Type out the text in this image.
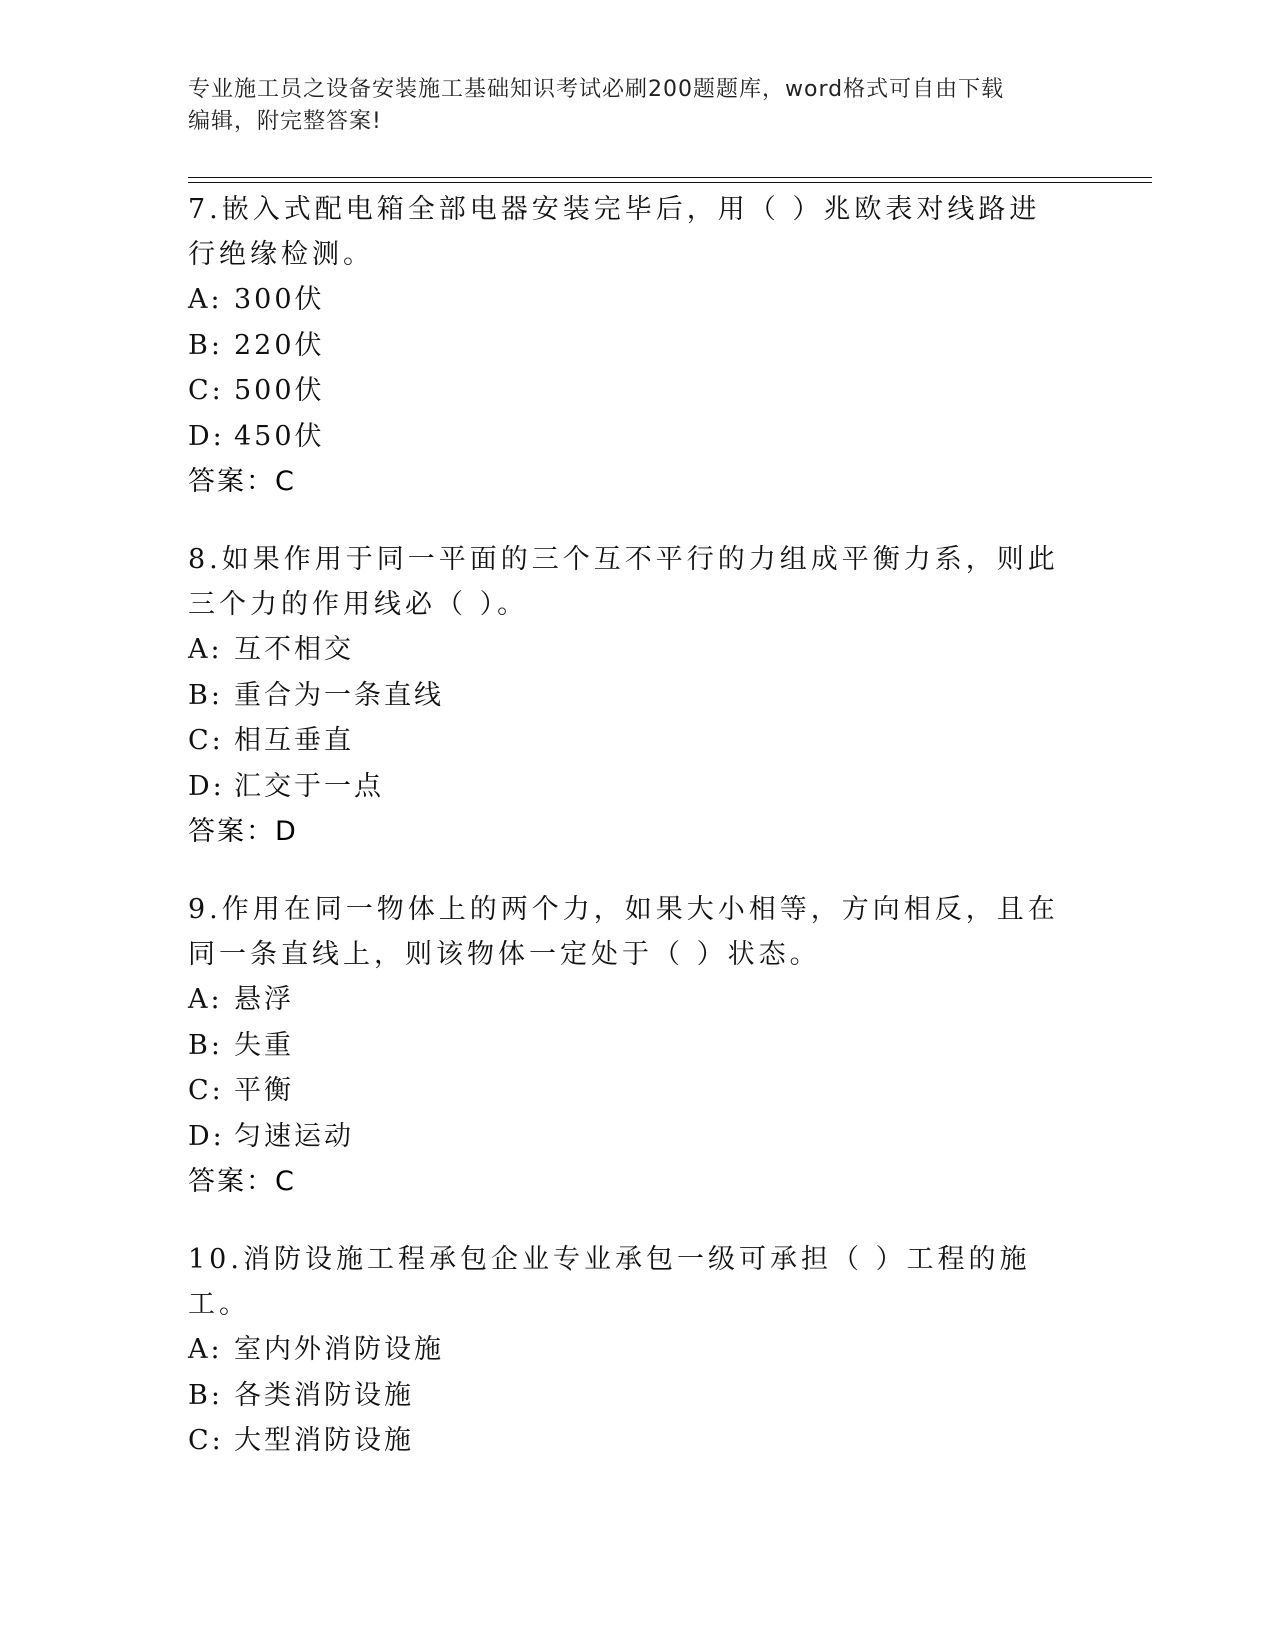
专业施工员之设备安装施工基础知识考试必刷200题题库，word格式可自由下载
编辑，附完整答案!
7.嵌入式配电箱全部电器安装完毕后，用（ ）兆欧表对线路进行绝缘检测。
A: 300伏
B: 220伏
C: 500伏
D: 450伏
答案：C
8.如果作用于同一平面的三个互不平行的力组成平衡力系，则此三个力的作用线必（ ）。
A: 互不相交
B: 重合为一条直线
C: 相互垂直
D: 汇交于一点
答案：D
9.作用在同一物体上的两个力，如果大小相等，方向相反，且在同一条直线上，则该物体一定处于（ ）状态。
A: 悬浮
B: 失重
C: 平衡
D: 匀速运动
答案：C
10.消防设施工程承包企业专业承包一级可承担（ ）工程的施工。
A: 室内外消防设施
B: 各类消防设施
C: 大型消防设施
